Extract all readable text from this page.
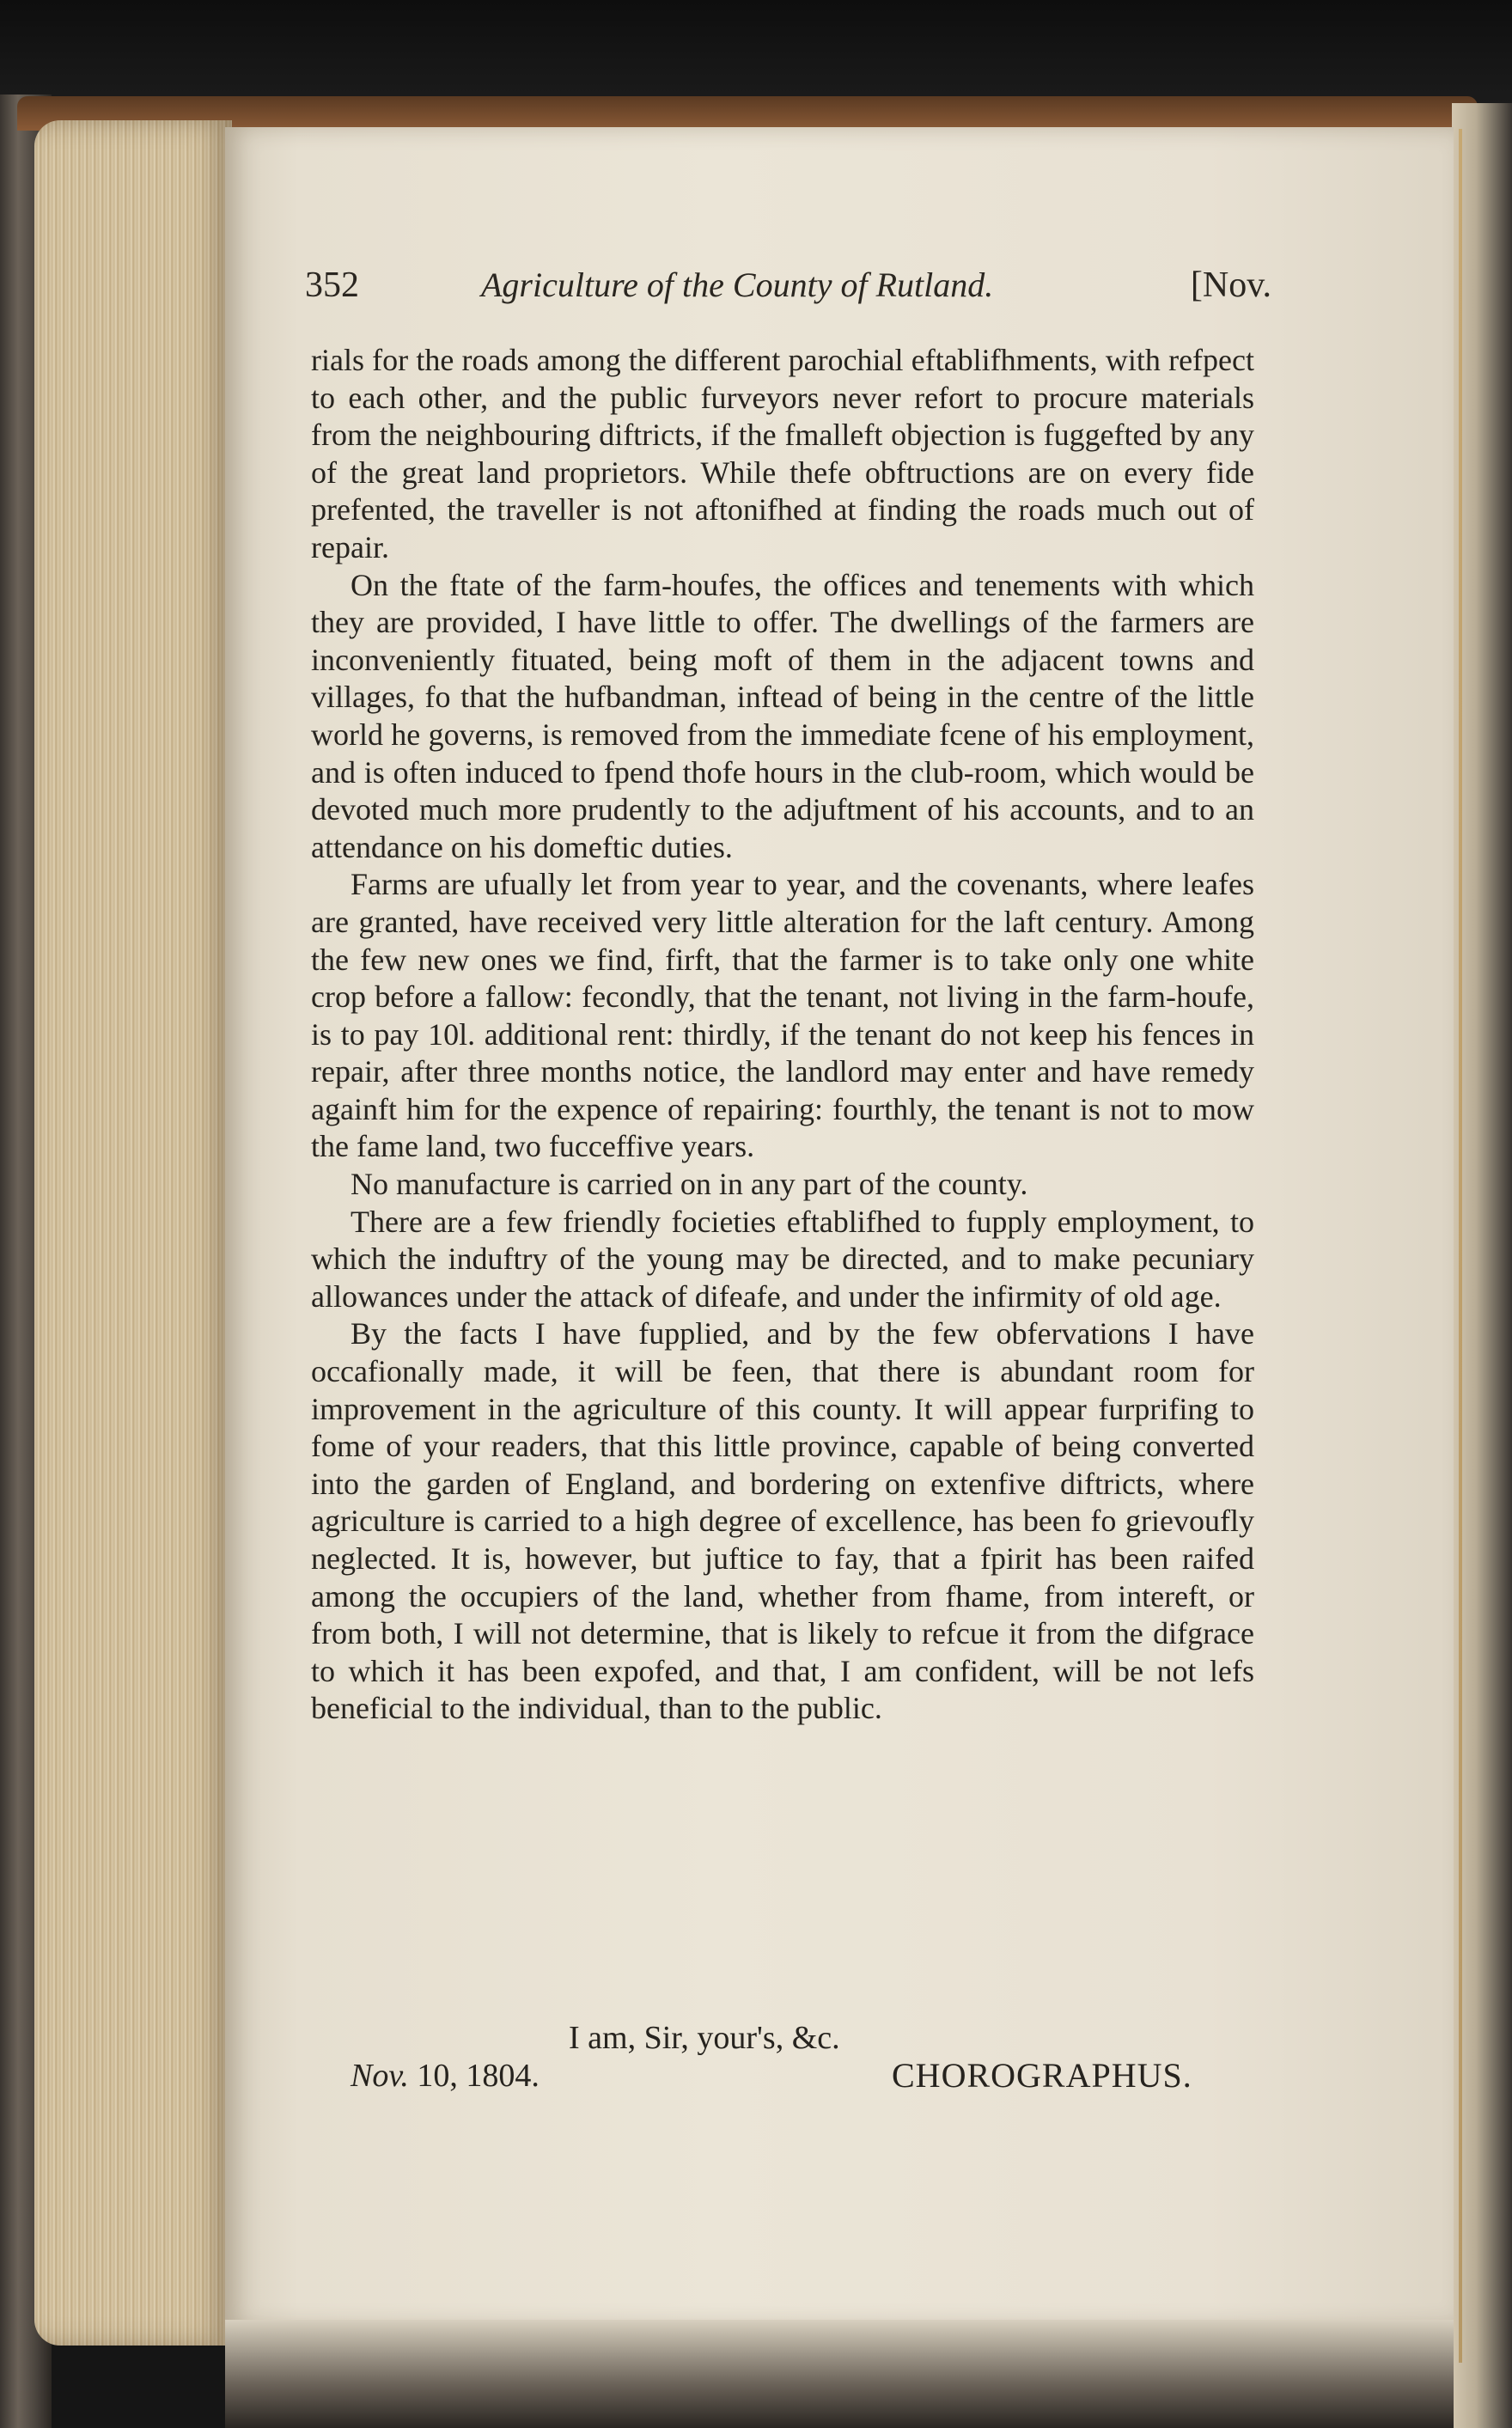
352	Agriculture of the County of Rutland.	[Nov.

rials for the roads among the different parochial eftablifhments, with refpect to each other, and the public furveyors never refort to procure materials from the neighbouring diftricts, if the fmalleft objection is fuggefted by any of the great land proprietors. While thefe obftructions are on every fide prefented, the traveller is not aftonifhed at finding the roads much out of repair.

On the ftate of the farm-houfes, the offices and tenements with which they are provided, I have little to offer. The dwellings of the farmers are inconveniently fituated, being moft of them in the adjacent towns and villages, fo that the hufbandman, inftead of being in the centre of the little world he governs, is removed from the immediate fcene of his employment, and is often induced to fpend thofe hours in the club-room, which would be devoted much more prudently to the adjuftment of his accounts, and to an attendance on his domeftic duties.

Farms are ufually let from year to year, and the covenants, where leafes are granted, have received very little alteration for the laft century. Among the few new ones we find, firft, that the farmer is to take only one white crop before a fallow: fecondly, that the tenant, not living in the farm-houfe, is to pay 10l. additional rent: thirdly, if the tenant do not keep his fences in repair, after three months notice, the landlord may enter and have remedy againft him for the expence of repairing: fourthly, the tenant is not to mow the fame land, two fucceffive years.

No manufacture is carried on in any part of the county.

There are a few friendly focieties eftablifhed to fupply employment, to which the induftry of the young may be directed, and to make pecuniary allowances under the attack of difeafe, and under the infirmity of old age.

By the facts I have fupplied, and by the few obfervations I have occafionally made, it will be feen, that there is abundant room for improvement in the agriculture of this county. It will appear furprifing to fome of your readers, that this little province, capable of being converted into the garden of England, and bordering on extenfive diftricts, where agriculture is carried to a high degree of excellence, has been fo grievoufly neglected. It is, however, but juftice to fay, that a fpirit has been raifed among the occupiers of the land, whether from fhame, from intereft, or from both, I will not determine, that is likely to refcue it from the difgrace to which it has been expofed, and that, I am confident, will be not lefs beneficial to the individual, than to the public.

I am, Sir, your's, &c.
Nov. 10, 1804.	CHOROGRAPHUS.
